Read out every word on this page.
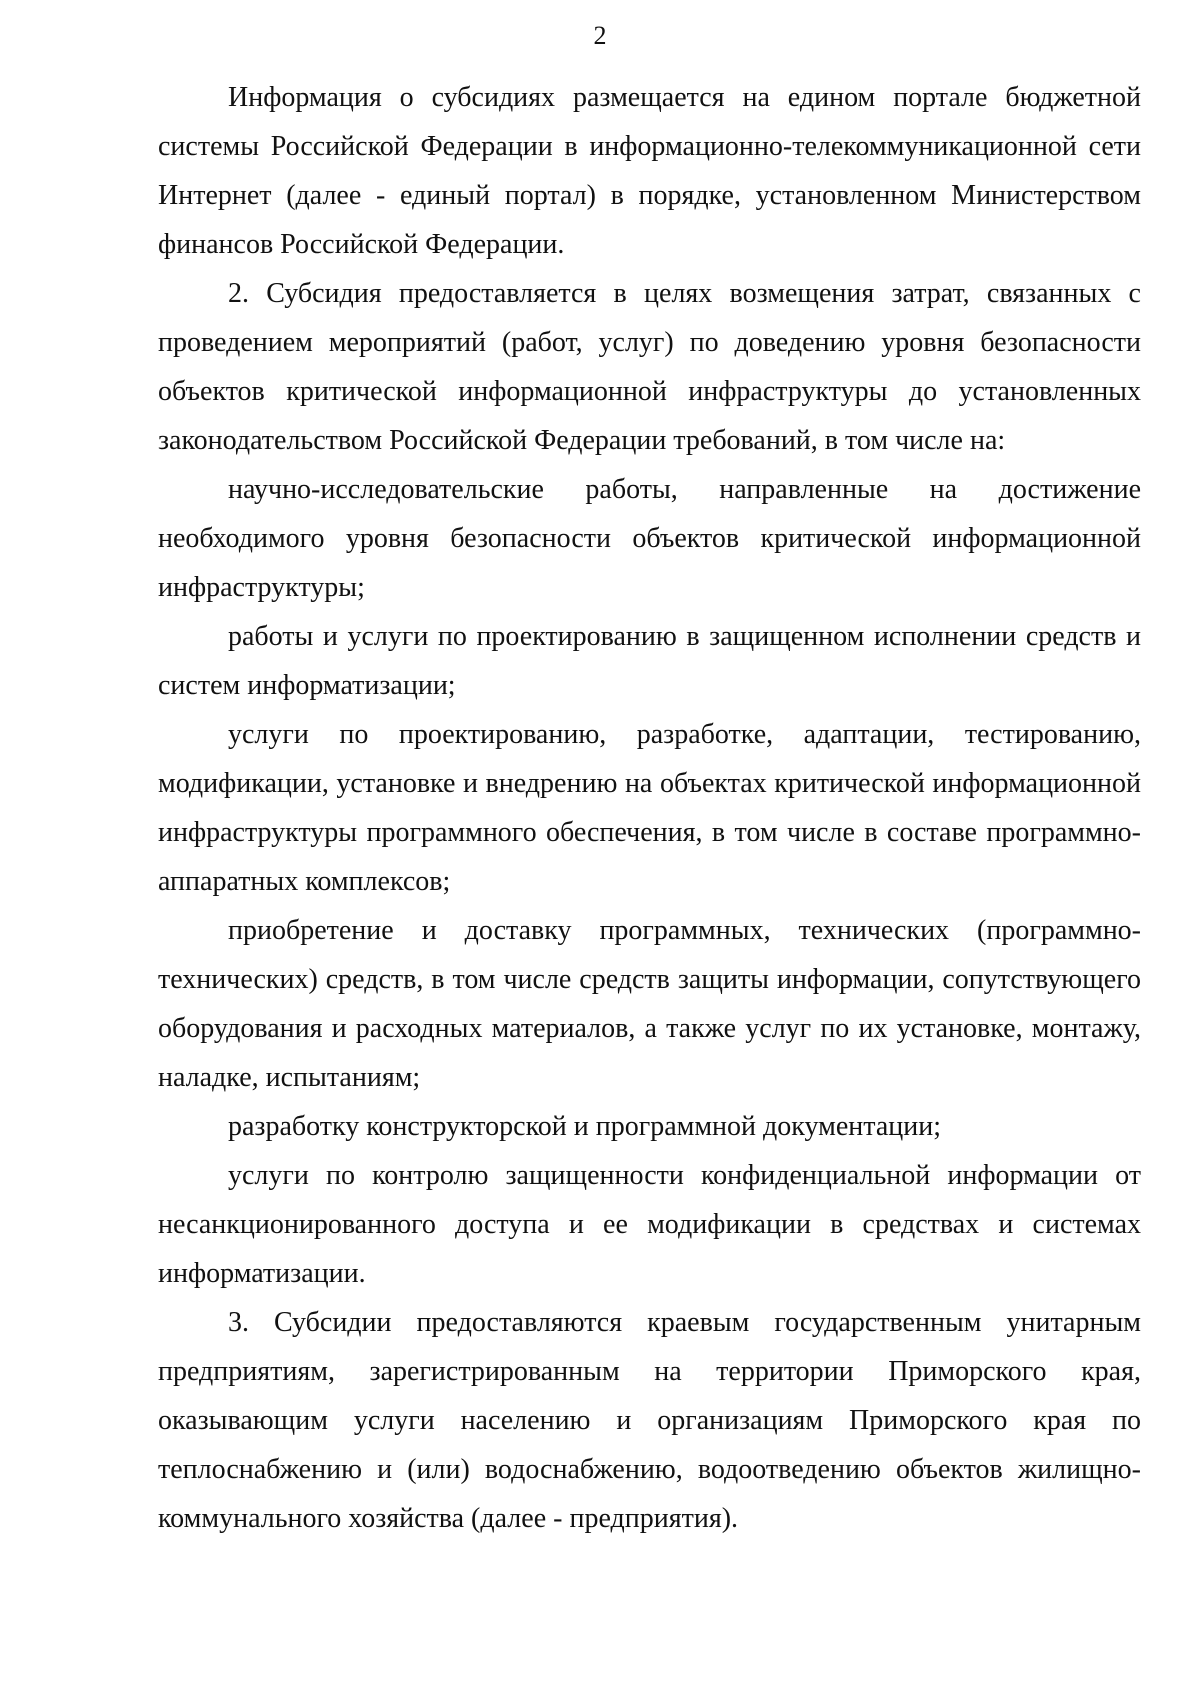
2

Информация о субсидиях размещается на едином портале бюджетной системы Российской Федерации в информационно-телекоммуникационной сети Интернет (далее - единый портал) в порядке, установленном Министерством финансов Российской Федерации.

2. Субсидия предоставляется в целях возмещения затрат, связанных с проведением мероприятий (работ, услуг) по доведению уровня безопасности объектов критической информационной инфраструктуры до установленных законодательством Российской Федерации требований, в том числе на:

научно-исследовательские работы, направленные на достижение необходимого уровня безопасности объектов критической информационной инфраструктуры;

работы и услуги по проектированию в защищенном исполнении средств и систем информатизации;

услуги по проектированию, разработке, адаптации, тестированию, модификации, установке и внедрению на объектах критической информационной инфраструктуры программного обеспечения, в том числе в составе программно-аппаратных комплексов;

приобретение и доставку программных, технических (программно-технических) средств, в том числе средств защиты информации, сопутствующего оборудования и расходных материалов, а также услуг по их установке, монтажу, наладке, испытаниям;

разработку конструкторской и программной документации;

услуги по контролю защищенности конфиденциальной информации от несанкционированного доступа и ее модификации в средствах и системах информатизации.

3. Субсидии предоставляются краевым государственным унитарным предприятиям, зарегистрированным на территории Приморского края, оказывающим услуги населению и организациям Приморского края по теплоснабжению и (или) водоснабжению, водоотведению объектов жилищно-коммунального хозяйства (далее - предприятия).
